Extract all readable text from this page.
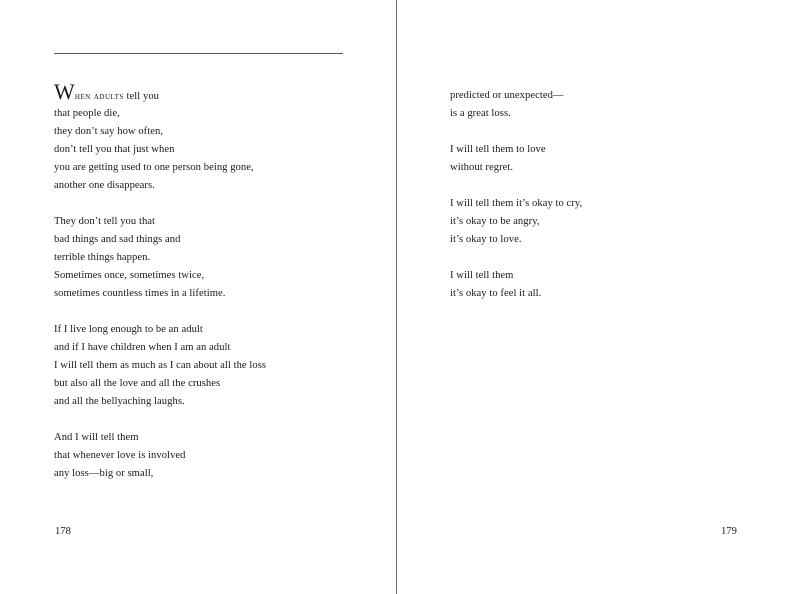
When adults tell you
that people die,
they don’t say how often,
don’t tell you that just when
you are getting used to one person being gone,
another one disappears.
They don’t tell you that
bad things and sad things and
terrible things happen.
Sometimes once, sometimes twice,
sometimes countless times in a lifetime.
If I live long enough to be an adult
and if I have children when I am an adult
I will tell them as much as I can about all the loss
but also all the love and all the crushes
and all the bellyaching laughs.
And I will tell them
that whenever love is involved
any loss—big or small,
178
predicted or unexpected—
is a great loss.
I will tell them to love
without regret.
I will tell them it’s okay to cry,
it’s okay to be angry,
it’s okay to love.
I will tell them
it’s okay to feel it all.
179
